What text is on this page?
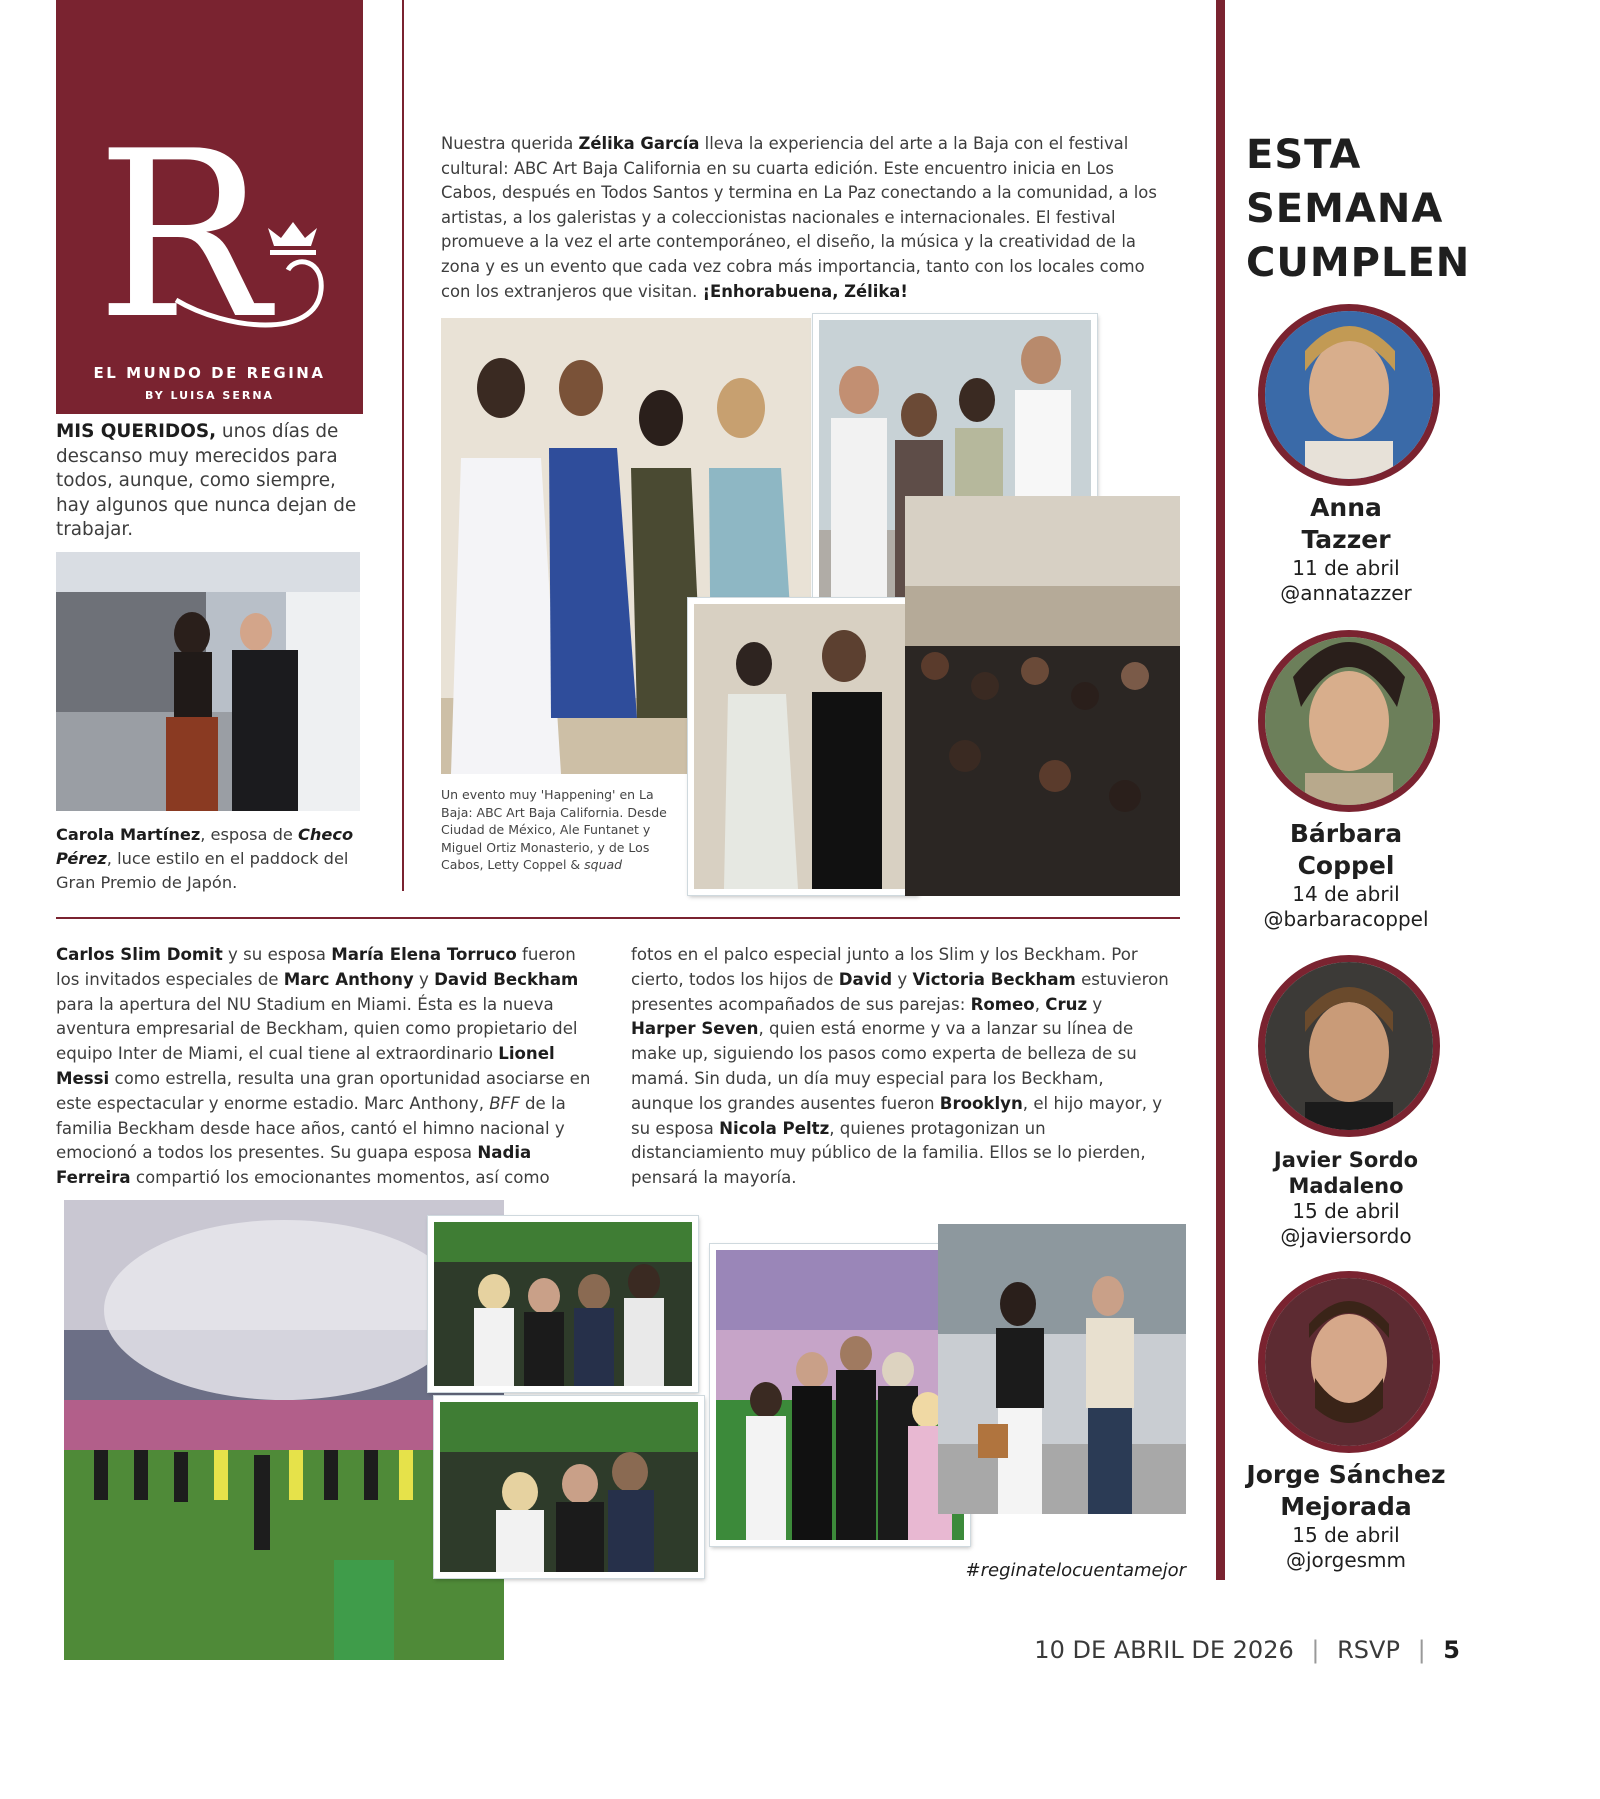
R
EL MUNDO DE REGINA
BY LUISA SERNA

MIS QUERIDOS, unos días de descanso muy merecidos para todos, aunque, como siempre, hay algunos que nunca dejan de trabajar.

Carola Martínez, esposa de Checo Pérez, luce estilo en el paddock del Gran Premio de Japón.

Nuestra querida Zélika García lleva la experiencia del arte a la Baja con el festival cultural: ABC Art Baja California en su cuarta edición. Este encuentro inicia en Los Cabos, después en Todos Santos y termina en La Paz conectando a la comunidad, a los artistas, a los galeristas y a coleccionistas nacionales e internacionales. El festival promueve a la vez el arte contemporáneo, el diseño, la música y la creatividad de la zona y es un evento que cada vez cobra más importancia, tanto con los locales como con los extranjeros que visitan. ¡Enhorabuena, Zélika!

Un evento muy 'Happening' en La Baja: ABC Art Baja California. Desde Ciudad de México, Ale Funtanet y Miguel Ortiz Monasterio, y de Los Cabos, Letty Coppel & squad

Carlos Slim Domit y su esposa María Elena Torruco fueron los invitados especiales de Marc Anthony y David Beckham para la apertura del NU Stadium en Miami. Ésta es la nueva aventura empresarial de Beckham, quien como propietario del equipo Inter de Miami, el cual tiene al extraordinario Lionel Messi como estrella, resulta una gran oportunidad asociarse en este espectacular y enorme estadio. Marc Anthony, BFF de la familia Beckham desde hace años, cantó el himno nacional y emocionó a todos los presentes. Su guapa esposa Nadia Ferreira compartió los emocionantes momentos, así como

fotos en el palco especial junto a los Slim y los Beckham. Por cierto, todos los hijos de David y Victoria Beckham estuvieron presentes acompañados de sus parejas: Romeo, Cruz y Harper Seven, quien está enorme y va a lanzar su línea de make up, siguiendo los pasos como experta de belleza de su mamá. Sin duda, un día muy especial para los Beckham, aunque los grandes ausentes fueron Brooklyn, el hijo mayor, y su esposa Nicola Peltz, quienes protagonizan un distanciamiento muy público de la familia. Ellos se lo pierden, pensará la mayoría.

#reginatelocuentamejor
ESTA
SEMANA
CUMPLEN
Anna
Tazzer
11 de abril
@annatazzer
Bárbara
Coppel
14 de abril
@barbaracoppel
Javier Sordo
Madaleno
15 de abril
@javiersordo
Jorge Sánchez
Mejorada
15 de abril
@jorgesmm
10 DE ABRIL DE 2026 | RSVP | 5
